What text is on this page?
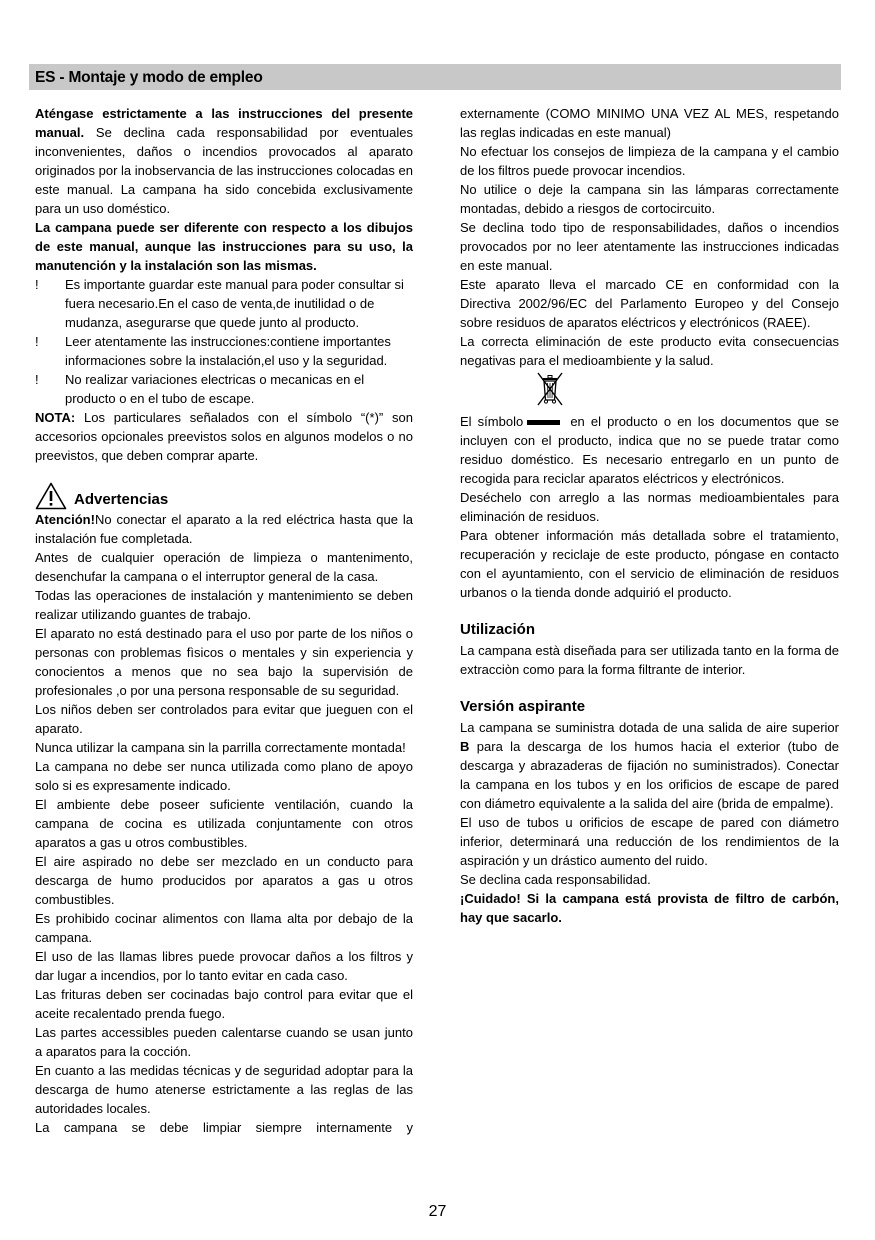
ES - Montaje y modo de empleo

Aténgase estrictamente a las instrucciones del presente manual. Se declina cada responsabilidad por eventuales inconvenientes, daños o incendios provocados al aparato originados por la inobservancia de las instrucciones colocadas en este manual. La campana ha sido concebida exclusivamente para un uso doméstico.

La campana puede ser diferente con respecto a los dibujos de este manual, aunque las instrucciones para su uso, la manutención y la instalación son las mismas.

! Es importante guardar este manual para poder consultar si fuera necesario.En el caso de venta,de inutilidad o de mudanza, asegurarse que quede junto al producto.

! Leer atentamente las instrucciones:contiene importantes informaciones sobre la instalación,el uso y la seguridad.

! No realizar variaciones electricas o mecanicas en el producto o en el tubo de escape.

NOTA: Los particulares señalados con el símbolo “(*)” son accesorios opcionales preevistos solos en algunos modelos o no preevistos, que deben comprar aparte.

Advertencias

Atención!No conectar el aparato a la red eléctrica hasta que la instalación fue completada.

Antes de cualquier operación de limpieza o mantenimento, desenchufar la campana o el interruptor general de la casa.

Todas las operaciones de instalación y mantenimiento se deben realizar utilizando guantes de trabajo.

El aparato no está destinado para el uso por parte de los niños o personas con problemas fìsicos o mentales y sin experiencia y conocientos a menos que no sea bajo la supervisión de profesionales ,o por una persona responsable de su seguridad.

Los niños deben ser controlados para evitar que jueguen con el aparato.

Nunca utilizar la campana sin la parrilla correctamente montada!

La campana no debe ser nunca utilizada como plano de apoyo solo si es expresamente indicado.

El ambiente debe poseer suficiente ventilación, cuando la campana de cocina es utilizada conjuntamente con otros aparatos a gas u otros combustibles.

El aire aspirado no debe ser mezclado en un conducto para descarga de humo producidos por aparatos a gas u otros combustibles.

Es prohibido cocinar alimentos con llama alta por debajo de la campana.

El uso de las llamas libres puede provocar daños a los filtros y dar lugar a incendios, por lo tanto evitar en cada caso.

Las frituras deben ser cocinadas bajo control para evitar que el aceite recalentado prenda fuego.

Las partes accessibles pueden calentarse cuando se usan junto a aparatos para la cocción.

En cuanto a las medidas técnicas y de seguridad adoptar para la descarga de humo atenerse estrictamente a las reglas de las autoridades locales.

La campana se debe limpiar siempre internamente y

externamente (COMO MINIMO UNA VEZ AL MES, respetando las reglas indicadas en este manual)

No efectuar los consejos de limpieza de la campana y el cambio de los filtros puede provocar incendios.

No utilice o deje la campana sin las lámparas correctamente montadas, debido a riesgos de cortocircuito.

Se declina todo tipo de responsabilidades, daños o incendios provocados por no leer atentamente las instrucciones indicadas en este manual.

Este aparato lleva el marcado CE en conformidad con la Directiva 2002/96/EC del Parlamento Europeo y del Consejo sobre residuos de aparatos eléctricos y electrónicos (RAEE).

La correcta eliminación de este producto evita consecuencias negativas para el medioambiente y la salud.

El símbolo	en el producto o en los documentos que se incluyen con el producto, indica que no se puede tratar como residuo doméstico. Es necesario entregarlo en un punto de recogida para reciclar aparatos eléctricos y electrónicos.

Deséchelo con arreglo a las normas medioambientales para eliminación de residuos.

Para obtener información más detallada sobre el tratamiento, recuperación y reciclaje de este producto, póngase en contacto con el ayuntamiento, con el servicio de eliminación de residuos urbanos o la tienda donde adquirió el producto.

Utilización

La campana està diseñada para ser utilizada tanto en la forma de extracciòn como para la forma filtrante de interior.

Versión aspirante

La campana se suministra dotada de una salida de aire superior B para la descarga de los humos hacia el exterior (tubo de descarga y abrazaderas de fijación no suministrados). Conectar la campana en los tubos y en los orificios de escape de pared con diámetro equivalente a la salida del aire (brida de empalme).

El uso de tubos u orificios de escape de pared con diámetro inferior, determinará una reducción de los rendimientos de la aspiración y un drástico aumento del ruido.

Se declina cada responsabilidad.

¡Cuidado! Si la campana está provista de filtro de carbón, hay que sacarlo.

27
